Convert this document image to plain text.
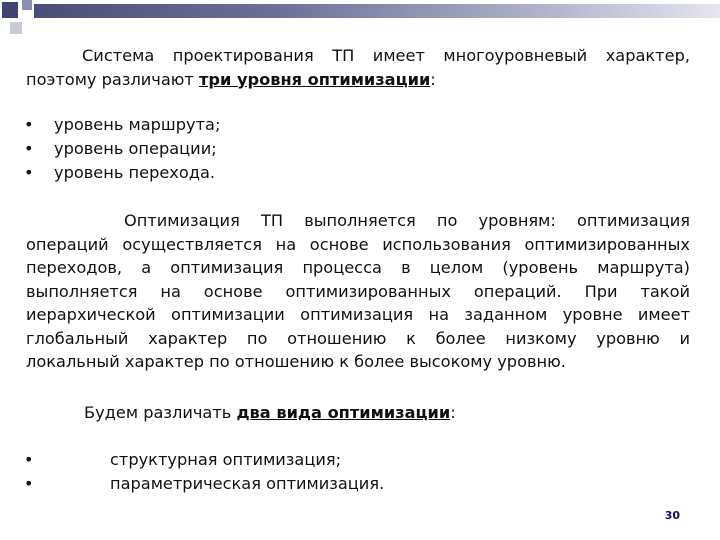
Система проектирования ТП имеет многоуровневый характер,
поэтому различают три уровня оптимизации:
• уровень маршрута;
• уровень операции;
• уровень перехода.
Оптимизация ТП выполняется по уровням: оптимизация
операций осуществляется на основе использования оптимизированных
переходов, а оптимизация процесса в целом (уровень маршрута)
выполняется на основе оптимизированных операций. При такой
иерархической оптимизации оптимизация на заданном уровне имеет
глобальный характер по отношению к более низкому уровню и
локальный характер по отношению к более высокому уровню.
Будем различать два вида оптимизации:
•	структурная оптимизация;
•	параметрическая оптимизация.
30
